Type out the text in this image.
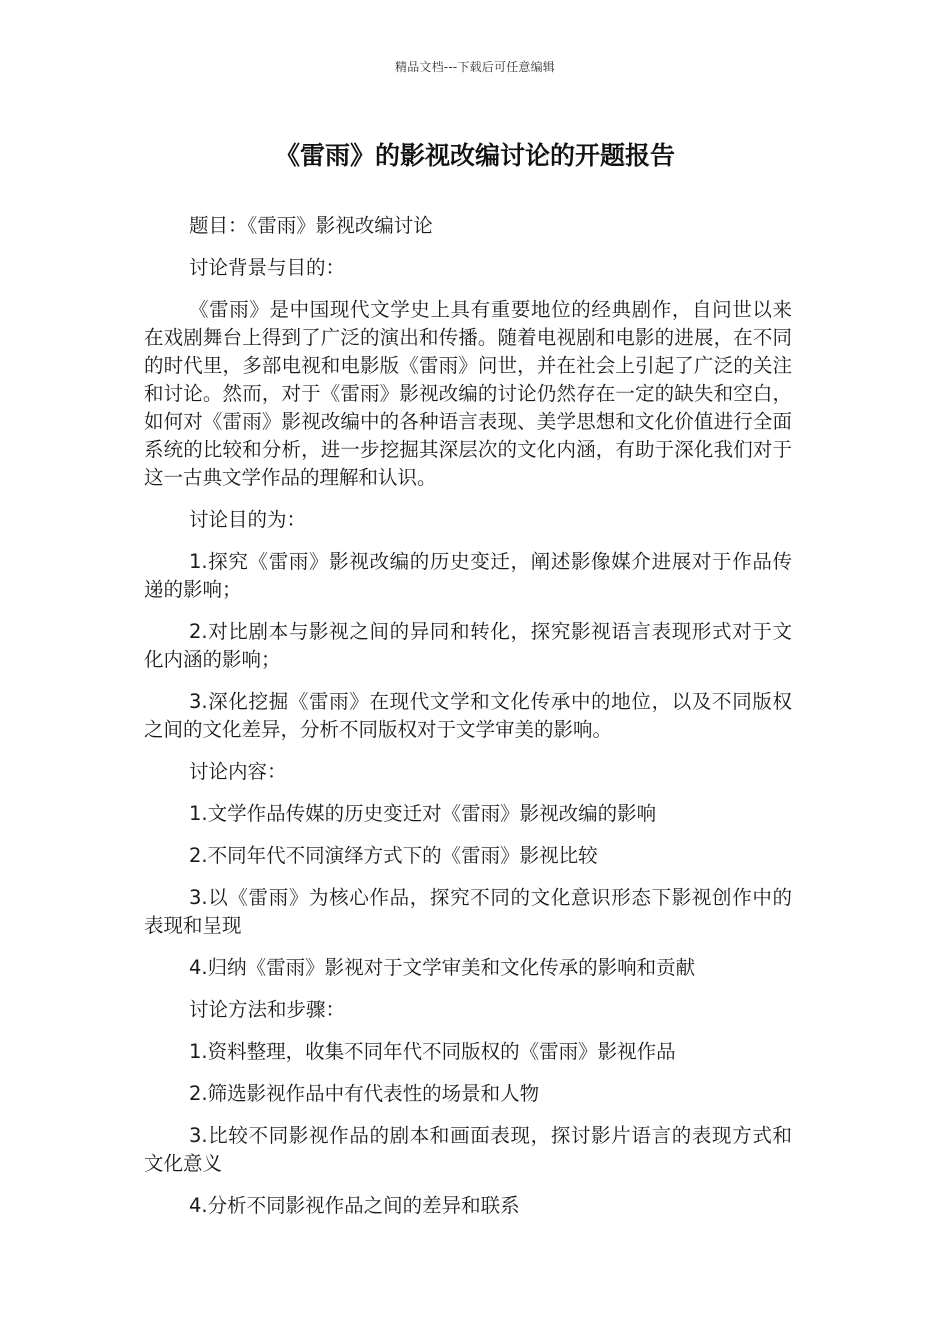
精品文档---下载后可任意编辑
《雷雨》的影视改编讨论的开题报告

题目：《雷雨》影视改编讨论

讨论背景与目的：

《雷雨》是中国现代文学史上具有重要地位的经典剧作，自问世以来在戏剧舞台上得到了广泛的演出和传播。随着电视剧和电影的进展，在不同的时代里，多部电视和电影版《雷雨》问世，并在社会上引起了广泛的关注和讨论。然而，对于《雷雨》影视改编的讨论仍然存在一定的缺失和空白，如何对《雷雨》影视改编中的各种语言表现、美学思想和文化价值进行全面系统的比较和分析，进一步挖掘其深层次的文化内涵，有助于深化我们对于这一古典文学作品的理解和认识。

讨论目的为：

1.探究《雷雨》影视改编的历史变迁，阐述影像媒介进展对于作品传递的影响；

2.对比剧本与影视之间的异同和转化，探究影视语言表现形式对于文化内涵的影响；

3.深化挖掘《雷雨》在现代文学和文化传承中的地位，以及不同版权之间的文化差异，分析不同版权对于文学审美的影响。

讨论内容：

1.文学作品传媒的历史变迁对《雷雨》影视改编的影响

2.不同年代不同演绎方式下的《雷雨》影视比较

3.以《雷雨》为核心作品，探究不同的文化意识形态下影视创作中的表现和呈现

4.归纳《雷雨》影视对于文学审美和文化传承的影响和贡献

讨论方法和步骤：

1.资料整理，收集不同年代不同版权的《雷雨》影视作品

2.筛选影视作品中有代表性的场景和人物

3.比较不同影视作品的剧本和画面表现，探讨影片语言的表现方式和文化意义

4.分析不同影视作品之间的差异和联系
